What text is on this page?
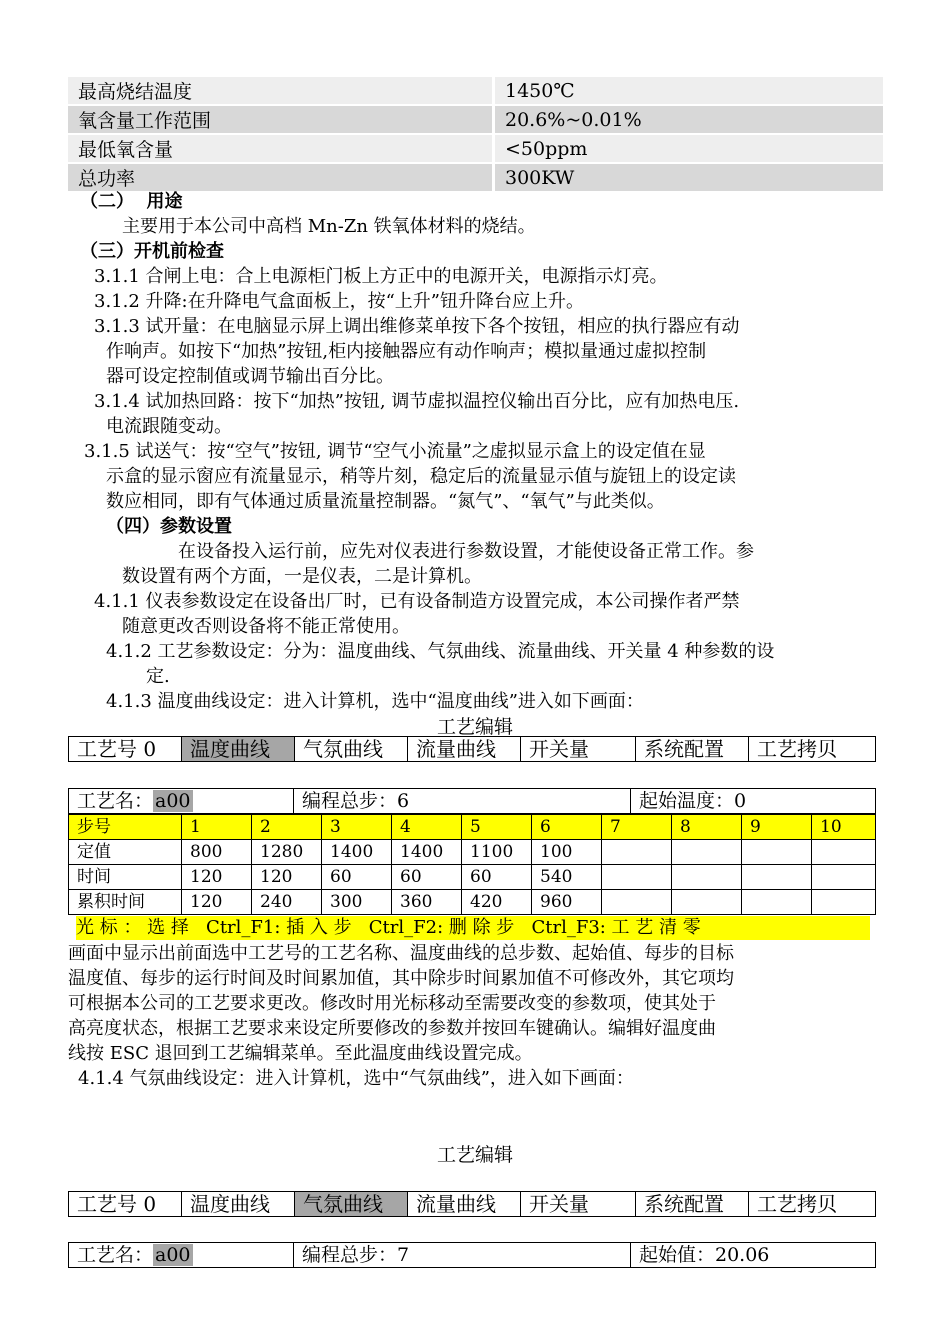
最高烧结温度	1450℃
氧含量工作范围	20.6%~0.01%
最低氧含量	<50ppm
总功率	300KW
（二） 用途
主要用于本公司中高档 Mn-Zn 铁氧体材料的烧结。
（三）开机前检查
3.1.1 合闸上电：合上电源柜门板上方正中的电源开关，电源指示灯亮。
3.1.2 升降:在升降电气盒面板上，按“上升”钮升降台应上升。
3.1.3 试开量：在电脑显示屏上调出维修菜单按下各个按钮，相应的执行器应有动
作响声。如按下“加热”按钮,柜内接触器应有动作响声；模拟量通过虚拟控制
器可设定控制值或调节输出百分比。
3.1.4 试加热回路：按下“加热”按钮, 调节虚拟温控仪输出百分比，应有加热电压.
电流跟随变动。
3.1.5 试送气：按“空气”按钮, 调节“空气小流量”之虚拟显示盒上的设定值在显
示盒的显示窗应有流量显示，稍等片刻，稳定后的流量显示值与旋钮上的设定读
数应相同，即有气体通过质量流量控制器。“氮气”、“氧气”与此类似。
（四）参数设置
在设备投入运行前，应先对仪表进行参数设置，才能使设备正常工作。参
数设置有两个方面，一是仪表，二是计算机。
4.1.1 仪表参数设定在设备出厂时，已有设备制造方设置完成，本公司操作者严禁
随意更改否则设备将不能正常使用。
4.1.2 工艺参数设定：分为：温度曲线、气氛曲线、流量曲线、开关量 4 种参数的设
定.
4.1.3 温度曲线设定：进入计算机，选中“温度曲线”进入如下画面：
工艺编辑
工艺号 0	温度曲线	气氛曲线	流量曲线	开关量	系统配置	工艺拷贝
工艺名： a00	编程总步：6	起始温度：0
步号	1	2	3	4	5	6	7	8	9	10
定值	800	1280	1400	1400	1100	100				
时间	120	120	60	60	60	540				
累积时间	120	240	300	360	420	960				
光 标 ： 选 择   Ctrl_F1: 插 入 步   Ctrl_F2: 删 除 步   Ctrl_F3: 工 艺 清 零
画面中显示出前面选中工艺号的工艺名称、温度曲线的总步数、起始值、每步的目标
温度值、每步的运行时间及时间累加值，其中除步时间累加值不可修改外，其它项均
可根据本公司的工艺要求更改。修改时用光标移动至需要改变的参数项，使其处于
高亮度状态，根据工艺要求来设定所要修改的参数并按回车键确认。编辑好温度曲
线按 ESC 退回到工艺编辑菜单。至此温度曲线设置完成。
4.1.4 气氛曲线设定：进入计算机，选中“气氛曲线”，进入如下画面：
工艺编辑
工艺号 0	温度曲线	气氛曲线	流量曲线	开关量	系统配置	工艺拷贝
工艺名： a00	编程总步：7	起始值：20.06
